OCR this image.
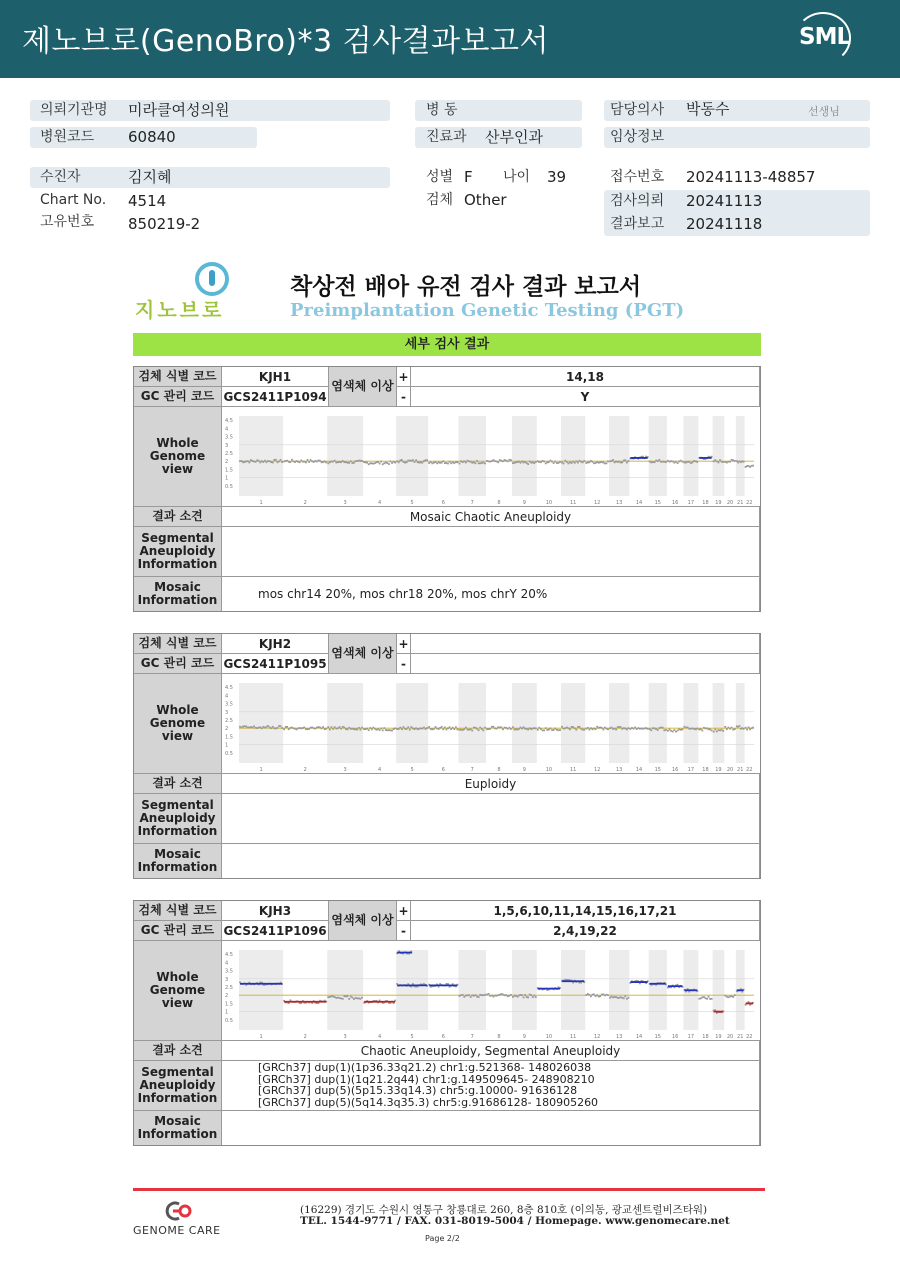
제노브로(GenoBro)*3 검사결과보고서	SML
의뢰기관명 미라클여성의원
병원코드 60840
수진자	김지혜
Chart No. 4514
고유번호 850219-2
병 동
진료과 산부인과
성별 F 나이 39
검체 Other
담당의사 박동수	선생님
임상정보
접수번호 20241113-48857
검사의뢰 20241113
결과보고 20241118
지노브로
착상전 배아 유전 검사 결과 보고서
Preimplantation Genetic Testing (PGT)
세부 검사 결과
검체 식별 코드	KJH1	+	14,18
GC 관리 코드 GCS2411P1094	-	Y
염색체 이상
Whole
Genome
view
4.5
4
3.5
3
2.5
2
1.5
1
0.5
1	2	3	4	5	6	7	8	9	10	11	12	13	14 15 16 17 18 19 20 21 22
결과 소견	Mosaic Chaotic Aneuploidy
Segmental
Aneuploidy
Information
Mosaic
Information	mos chr14 20%, mos chr18 20%, mos chrY 20%
검체 식별 코드	KJH2	+
GC 관리 코드 GCS2411P1095	-
염색체 이상
Whole
Genome
view
4.5
4
3.5
3
2.5
2
1.5
1
0.5
1	2	3	4	5	6	7	8	9	10	11	12	13	14 15 16 17 18 19 20 21 22
결과 소견	Euploidy
Segmental
Aneuploidy
Information
Mosaic
Information
검체 식별 코드	KJH3	+	1,5,6,10,11,14,15,16,17,21
GC 관리 코드 GCS2411P1096	-	2,4,19,22
염색체 이상
Whole
Genome
view
4.5
4
3.5
3
2.5
2
1.5
1
0.5
1	2	3	4	5	6	7	8	9	10	11	12	13	14 15 16 17 18 19 20 21 22
결과 소견	Chaotic Aneuploidy, Segmental Aneuploidy
Segmental
Aneuploidy
Information
[GRCh37] dup(1)(1p36.33q21.2) chr1:g.521368- 148026038
[GRCh37] dup(1)(1q21.2q44) chr1:g.149509645- 248908210
[GRCh37] dup(5)(5p15.33q14.3) chr5:g.10000- 91636128
[GRCh37] dup(5)(5q14.3q35.3) chr5:g.91686128- 180905260
Mosaic
Information
GENOME CARE
(16229) 경기도 수원시 영통구 창룡대로 260, 8층 810호 (이의동, 광교센트럴비즈타워)
TEL. 1544-9771 / FAX. 031-8019-5004 / Homepage. www.genomecare.net
Page 2/2
